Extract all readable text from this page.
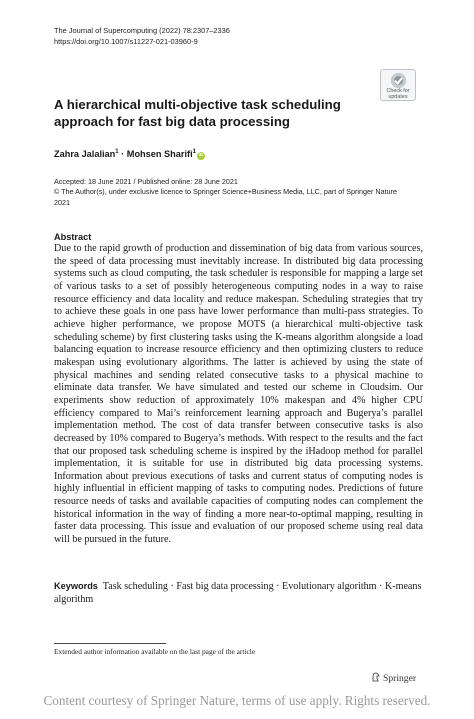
The Journal of Supercomputing (2022) 78:2307–2336
https://doi.org/10.1007/s11227-021-03960-9
Check for
updates
A hierarchical multi-objective task scheduling approach for fast big data processing
Zahra Jalalian$^1$ · Mohsen Sharifi$^1$iD
Accepted: 18 June 2021 / Published online: 28 June 2021
© The Author(s), under exclusive licence to Springer Science+Business Media, LLC, part of Springer Nature
2021
Abstract

Due to the rapid growth of production and dissemination of big data from various sources, the speed of data processing must inevitably increase. In distributed big data processing systems such as cloud computing, the task scheduler is responsible for mapping a large set of various tasks to a set of possibly heterogeneous computing nodes in a way to raise resource efficiency and data locality and reduce makespan. Scheduling strategies that try to achieve these goals in one pass have lower performance than multi-pass strategies. To achieve higher performance, we propose MOTS (a hierarchical multi-objective task scheduling scheme) by first clustering tasks using the K-means algorithm alongside a load balancing equation to increase resource efficiency and then optimizing clusters to reduce makespan using evolutionary algorithms. The latter is achieved by using the state of physical machines and sending related consecutive tasks to a physical machine to eliminate data transfer. We have simulated and tested our scheme in Cloudsim. Our experiments show reduction of approximately 10% makespan and 4% higher CPU efficiency compared to Mai’s reinforcement learning approach and Bugerya’s parallel implementation method. The cost of data transfer between consecutive tasks is also decreased by 10% compared to Bugerya’s methods. With respect to the results and the fact that our proposed task scheduling scheme is inspired by the iHadoop method for parallel implementation, it is suitable for use in distributed big data processing systems. Information about previous executions of tasks and current status of computing nodes is highly influential in efficient mapping of tasks to computing nodes. Predictions of future resource needs of tasks and available capacities of computing nodes can complement the historical information in the way of finding a more near-to-optimal mapping, resulting in faster data processing. This issue and evaluation of our proposed scheme using real data will be pursued in the future.

Keywords Task scheduling · Fast big data processing · Evolutionary algorithm · K-means algorithm

Extended author information available on the last page of the article
Springer
Content courtesy of Springer Nature, terms of use apply. Rights reserved.
